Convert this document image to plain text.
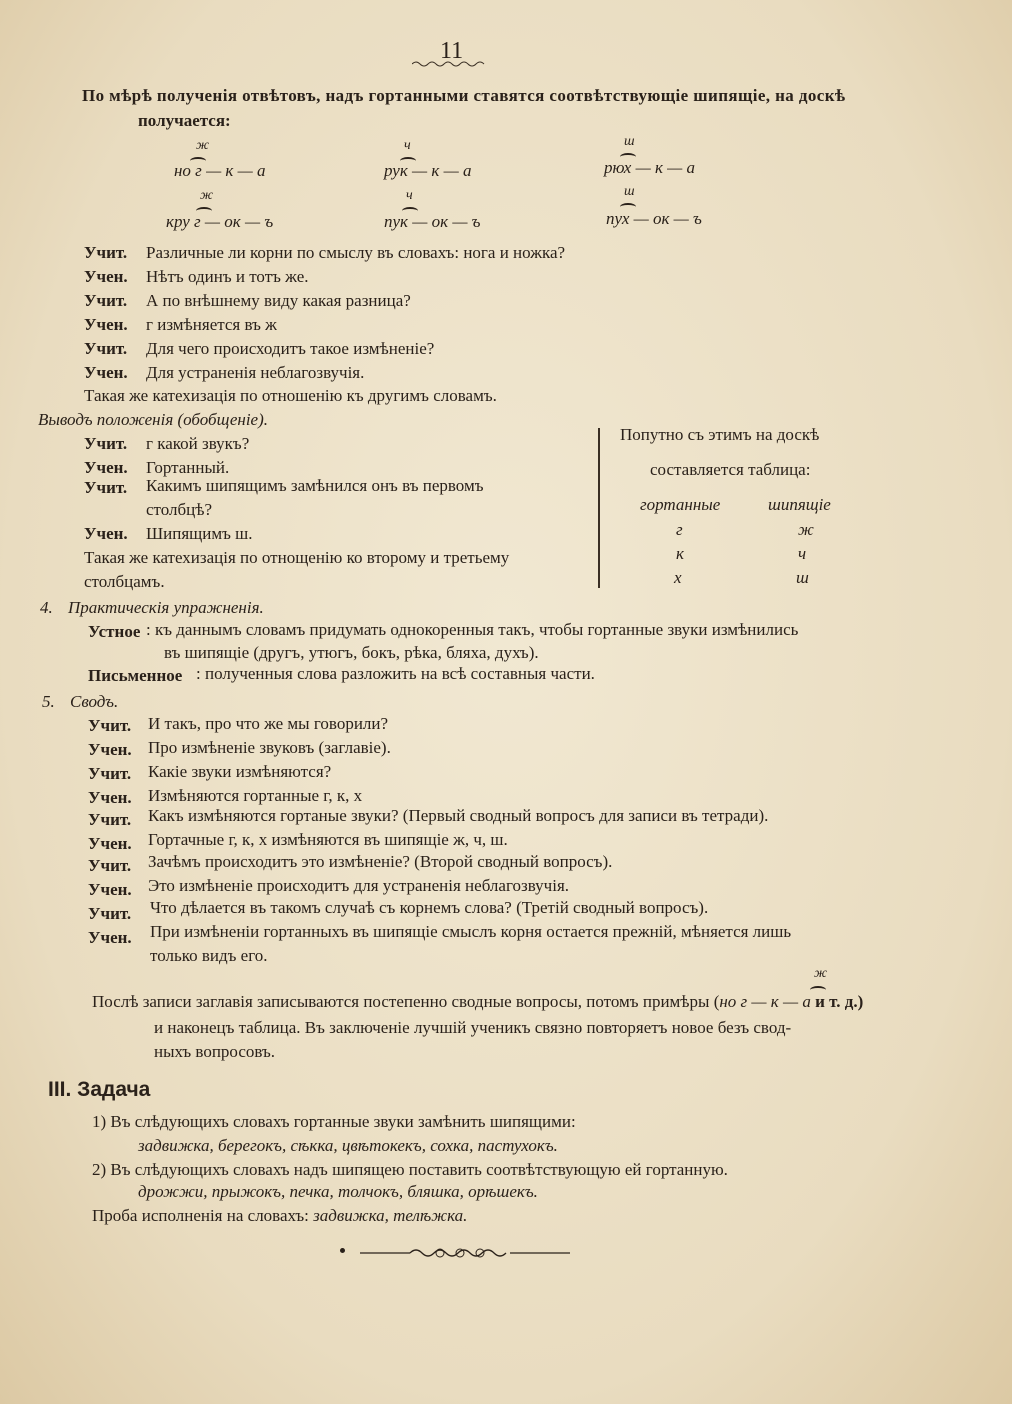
11
По мѣрѣ полученія отвѣтовъ, надъ гортанными ставятся соотвѣтствующіе шипящіе, на доскѣ
получается:
ж
но г — к — а
ч
рук — к — а
ш
рюх — к — а
ж
кру г — ок — ъ
ч
пук — ок — ъ
ш
пух — ок — ъ
Учит. Различные ли корни по смыслу въ словахъ: нога и ножка?
Учен. Нѣтъ одинъ и тотъ же.
Учит. А по внѣшнему виду какая разница?
Учен. г измѣняется въ ж
Учит. Для чего происходитъ такое измѣненіе?
Учен. Для устраненія неблагозвучія.
Такая же катехизація по отношенію къ другимъ словамъ.
Выводъ положенія (обобщеніе).
Учит. г какой звукъ?
Учен. Гортанный.
Учит. Какимъ шипящимъ замѣнился онъ въ первомъ
столбцѣ?
Учен. Шипящимъ ш.
Такая же катехизація по отнощенію ко второму и третьему
столбцамъ.
Попутно съ этимъ на доскѣ
составляется таблица:
гортанные	шипящіе
г	ж
к	ч
х	ш
4. Практическія упражненія.
Устное : къ даннымъ словамъ придумать однокоренныя такъ, чтобы гортанные звуки измѣнились
въ шипящіе (другъ, утюгъ, бокъ, рѣка, бляха, духъ).
Письменное : полученныя слова разложить на всѣ составныя части.
5. Сводъ.
Учит. И такъ, про что же мы говорили?
Учен. Про измѣненіе звуковъ (заглавіе).
Учит. Какіе звуки измѣняются?
Учен. Измѣняются гортанные г, к, х
Учит. Какъ измѣняются гортаные звуки? (Первый сводный вопросъ для записи въ тетради).
Учен. Гортачные г, к, х измѣняются въ шипящіе ж, ч, ш.
Учит. Зачѣмъ происходитъ это измѣненіе? (Второй сводный вопросъ).
Учен. Это измѣненіе происходитъ для устраненія неблагозвучія.
Учит. Что дѣлается въ такомъ случаѣ съ корнемъ слова? (Третій сводный вопросъ).
Учен. При измѣненіи гортанныхъ въ шипящіе смыслъ корня остается прежній, мѣняется лишь
только видъ его.
ж
Послѣ записи заглавія записываются постепенно сводные вопросы, потомъ примѣры (но г — к — а и т. д.)
и наконецъ таблица. Въ заключеніе лучшій ученикъ связно повторяетъ новое безъ свод-
ныхъ вопросовъ.
III. Задача
1) Въ слѣдующихъ словахъ гортанные звуки замѣнить шипящими:
задвижка, берегокъ, сѣкка, цвѣтокекъ, сохка, пастухокъ.
2) Въ слѣдующихъ словахъ надъ шипящею поставить соотвѣтствующую ей гортанную.
дрожжи, прыжокъ, печка, толчокъ, бляшка, орѣшекъ.
Проба исполненія на словахъ: задвижка, телѣжка.
